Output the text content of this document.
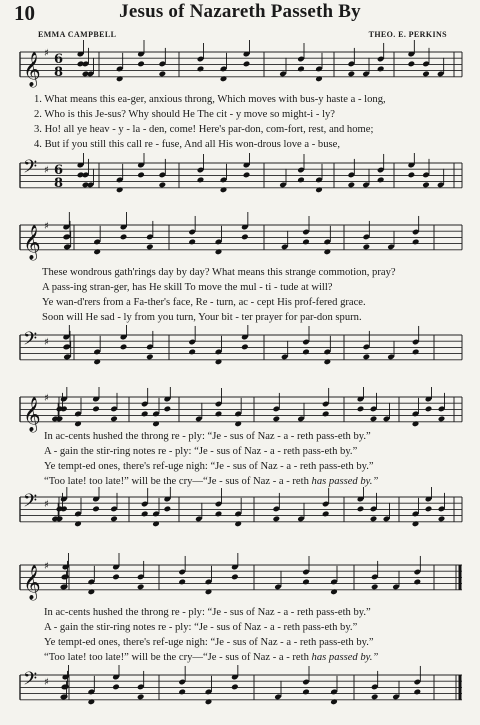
10	Jesus of Nazareth Passeth By
EMMA CAMPBELL	THEO. E. PERKINS
𝄞 ♯ 6
8
1. What means this ea-ger, anxious throng, Which moves with bus-y haste a - long,
2. Who is this Je-sus? Why should He The cit - y move so might-i - ly?
3. Ho! all ye heav - y - la - den, come! Here's par-don, com-fort, rest, and home;
4. But if you still this call re - fuse, And all His won-drous love a - buse,
𝄢 ♯ 6
8
𝄞 ♯
These wondrous gath'rings day by day? What means this strange commotion, pray?
A pass-ing stran-ger, has He skill To move the mul - ti - tude at will?
Ye wan-d'rers from a Fa-ther's face, Re - turn, ac - cept His prof-fered grace.
Soon will He sad - ly from you turn, Your bit - ter prayer for par-don spurn.
𝄢 ♯
𝄞 ♯
In ac-cents hushed the throng re - ply: “Je - sus of Naz - a - reth pass-eth by.”
A - gain the stir-ring notes re - ply: “Je - sus of Naz - a - reth pass-eth by.”
Ye tempt-ed ones, there's ref-uge nigh: “Je - sus of Naz - a - reth pass-eth by.”
“Too late! too late!” will be the cry—“Je - sus of Naz - a - reth has passed by.”
𝄢 ♯
𝄞 ♯
In ac-cents hushed the throng re - ply: “Je - sus of Naz - a - reth pass-eth by.”
A - gain the stir-ring notes re - ply: “Je - sus of Naz - a - reth pass-eth by.”
Ye tempt-ed ones, there's ref-uge nigh: “Je - sus of Naz - a - reth pass-eth by.”
“Too late! too late!” will be the cry—“Je - sus of Naz - a - reth has passed by.”
𝄢 ♯
